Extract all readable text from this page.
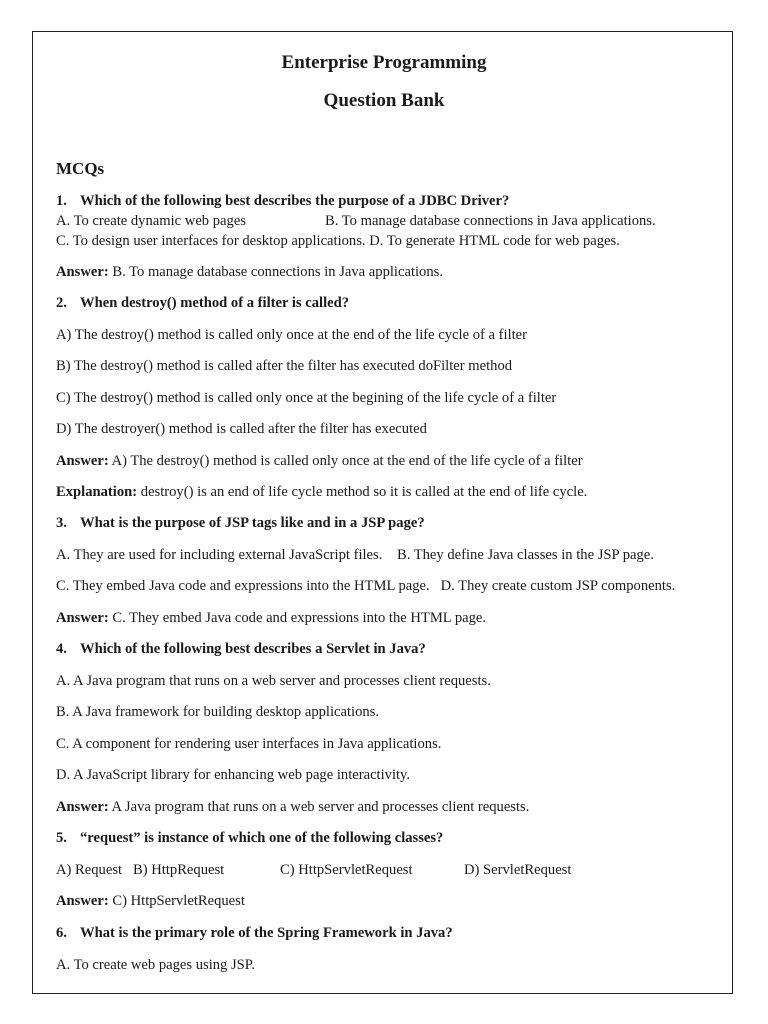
Enterprise Programming
Question Bank
MCQs
1. Which of the following best describes the purpose of a JDBC Driver?
A. To create dynamic web pages	B. To manage database connections in Java applications.
C. To design user interfaces for desktop applications. D. To generate HTML code for web pages.
Answer: B. To manage database connections in Java applications.
2. When destroy() method of a filter is called?
A) The destroy() method is called only once at the end of the life cycle of a filter
B) The destroy() method is called after the filter has executed doFilter method
C) The destroy() method is called only once at the begining of the life cycle of a filter
D) The destroyer() method is called after the filter has executed
Answer: A) The destroy() method is called only once at the end of the life cycle of a filter
Explanation: destroy() is an end of life cycle method so it is called at the end of life cycle.
3. What is the purpose of JSP tags like and in a JSP page?
A. They are used for including external JavaScript files.    B. They define Java classes in the JSP page.
C. They embed Java code and expressions into the HTML page.   D. They create custom JSP components.
Answer: C. They embed Java code and expressions into the HTML page.
4. Which of the following best describes a Servlet in Java?
A. A Java program that runs on a web server and processes client requests.
B. A Java framework for building desktop applications.
C. A component for rendering user interfaces in Java applications.
D. A JavaScript library for enhancing web page interactivity.
Answer: A Java program that runs on a web server and processes client requests.
5. “request” is instance of which one of the following classes?
A) Request   B) HttpRequest	C) HttpServletRequest	D) ServletRequest
Answer: C) HttpServletRequest
6. What is the primary role of the Spring Framework in Java?
A. To create web pages using JSP.
